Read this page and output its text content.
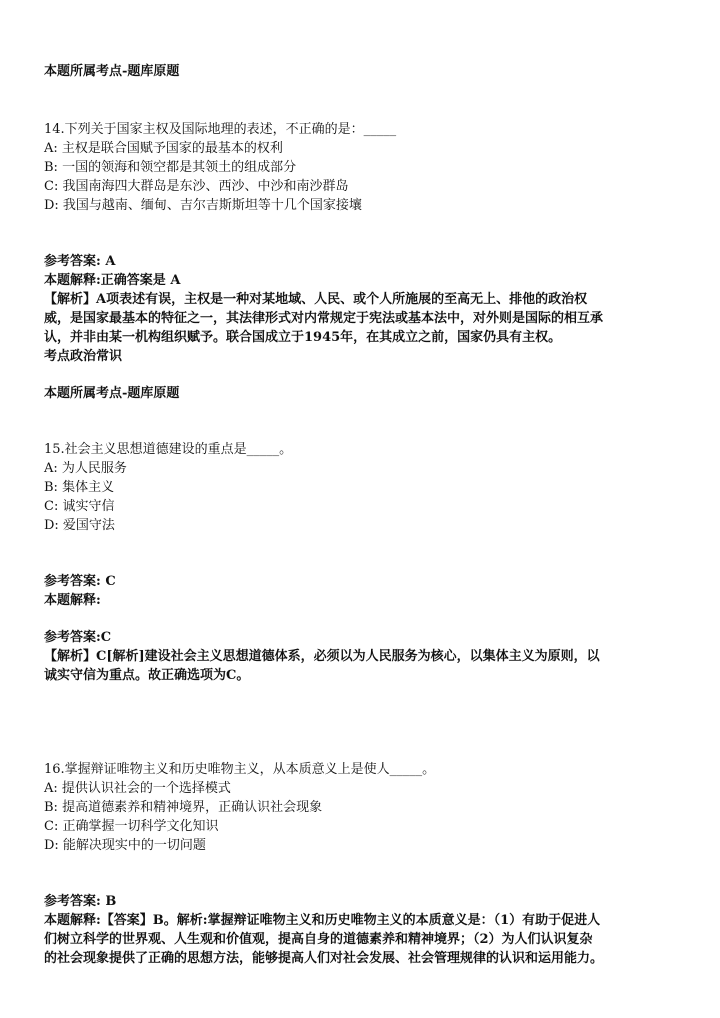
本题所属考点-题库原题
14.下列关于国家主权及国际地理的表述，不正确的是：_____
A: 主权是联合国赋予国家的最基本的权利
B: 一国的领海和领空都是其领土的组成部分
C: 我国南海四大群岛是东沙、西沙、中沙和南沙群岛
D: 我国与越南、缅甸、吉尔吉斯斯坦等十几个国家接壤
参考答案: A
本题解释:正确答案是 A
【解析】A项表述有误，主权是一种对某地域、人民、或个人所施展的至高无上、排他的政治权
威，是国家最基本的特征之一，其法律形式对内常规定于宪法或基本法中，对外则是国际的相互承
认，并非由某一机构组织赋予。联合国成立于1945年，在其成立之前，国家仍具有主权。
考点政治常识
本题所属考点-题库原题
15.社会主义思想道德建设的重点是_____。
A: 为人民服务
B: 集体主义
C: 诚实守信
D: 爱国守法
参考答案: C
本题解释:
参考答案:C
【解析】C[解析]建设社会主义思想道德体系，必须以为人民服务为核心，以集体主义为原则，以
诚实守信为重点。故正确选项为C。
16.掌握辩证唯物主义和历史唯物主义，从本质意义上是使人_____。
A: 提供认识社会的一个选择模式
B: 提高道德素养和精神境界，正确认识社会现象
C: 正确掌握一切科学文化知识
D: 能解决现实中的一切问题
参考答案: B
本题解释:【答案】B。解析:掌握辩证唯物主义和历史唯物主义的本质意义是：（1）有助于促进人
们树立科学的世界观、人生观和价值观，提高自身的道德素养和精神境界；（2）为人们认识复杂
的社会现象提供了正确的思想方法，能够提高人们对社会发展、社会管理规律的认识和运用能力。
